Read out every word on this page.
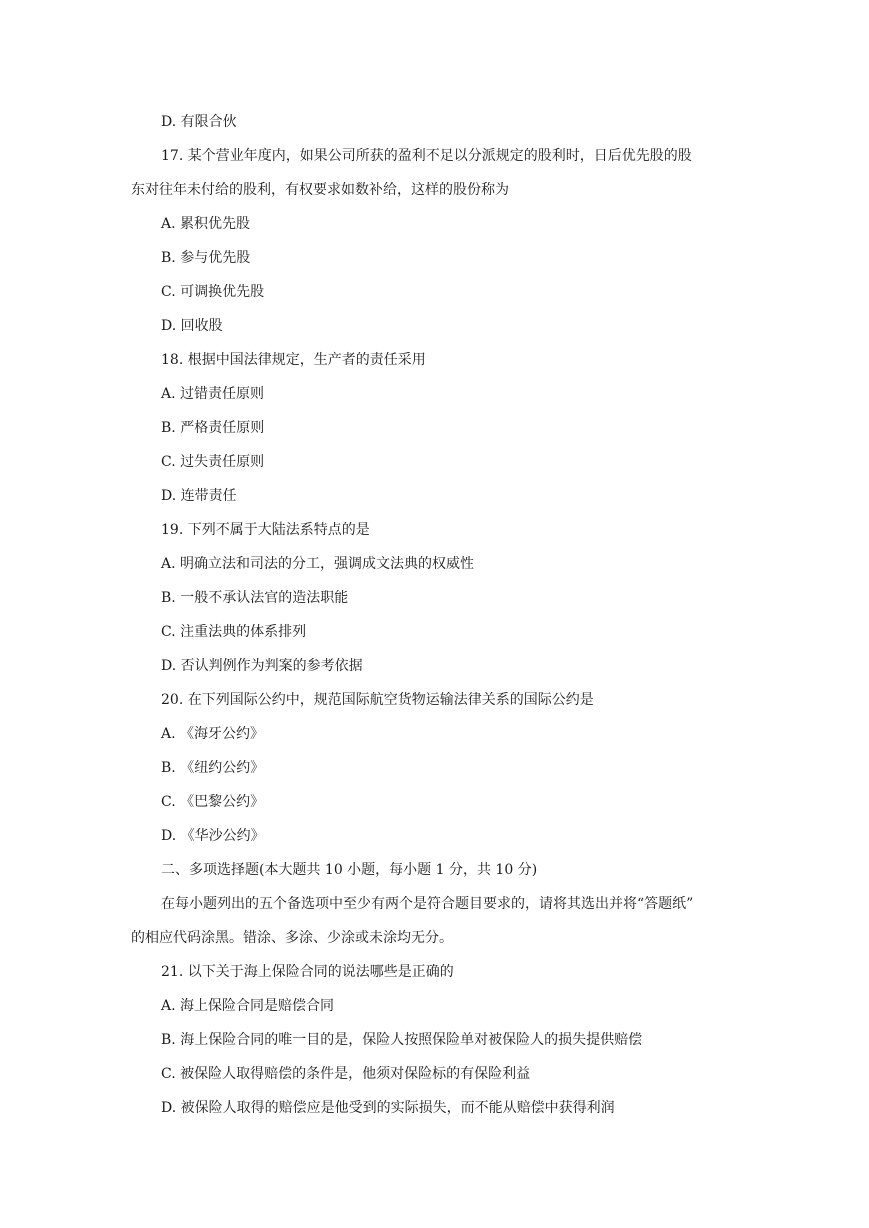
D. 有限合伙
17. 某个营业年度内，如果公司所获的盈利不足以分派规定的股利时，日后优先股的股
东对往年未付给的股利，有权要求如数补给，这样的股份称为
A. 累积优先股
B. 参与优先股
C. 可调换优先股
D. 回收股
18. 根据中国法律规定，生产者的责任采用
A. 过错责任原则
B. 严格责任原则
C. 过失责任原则
D. 连带责任
19. 下列不属于大陆法系特点的是
A. 明确立法和司法的分工，强调成文法典的权威性
B. 一般不承认法官的造法职能
C. 注重法典的体系排列
D. 否认判例作为判案的参考依据
20. 在下列国际公约中，规范国际航空货物运输法律关系的国际公约是
A. 《海牙公约》
B. 《纽约公约》
C. 《巴黎公约》
D. 《华沙公约》
二、多项选择题(本大题共 10 小题，每小题 1 分，共 10 分)
在每小题列出的五个备选项中至少有两个是符合题目要求的，请将其选出并将“答题纸”
的相应代码涂黑。错涂、多涂、少涂或未涂均无分。
21. 以下关于海上保险合同的说法哪些是正确的
A. 海上保险合同是赔偿合同
B. 海上保险合同的唯一目的是，保险人按照保险单对被保险人的损失提供赔偿
C. 被保险人取得赔偿的条件是，他须对保险标的有保险利益
D. 被保险人取得的赔偿应是他受到的实际损失，而不能从赔偿中获得利润
